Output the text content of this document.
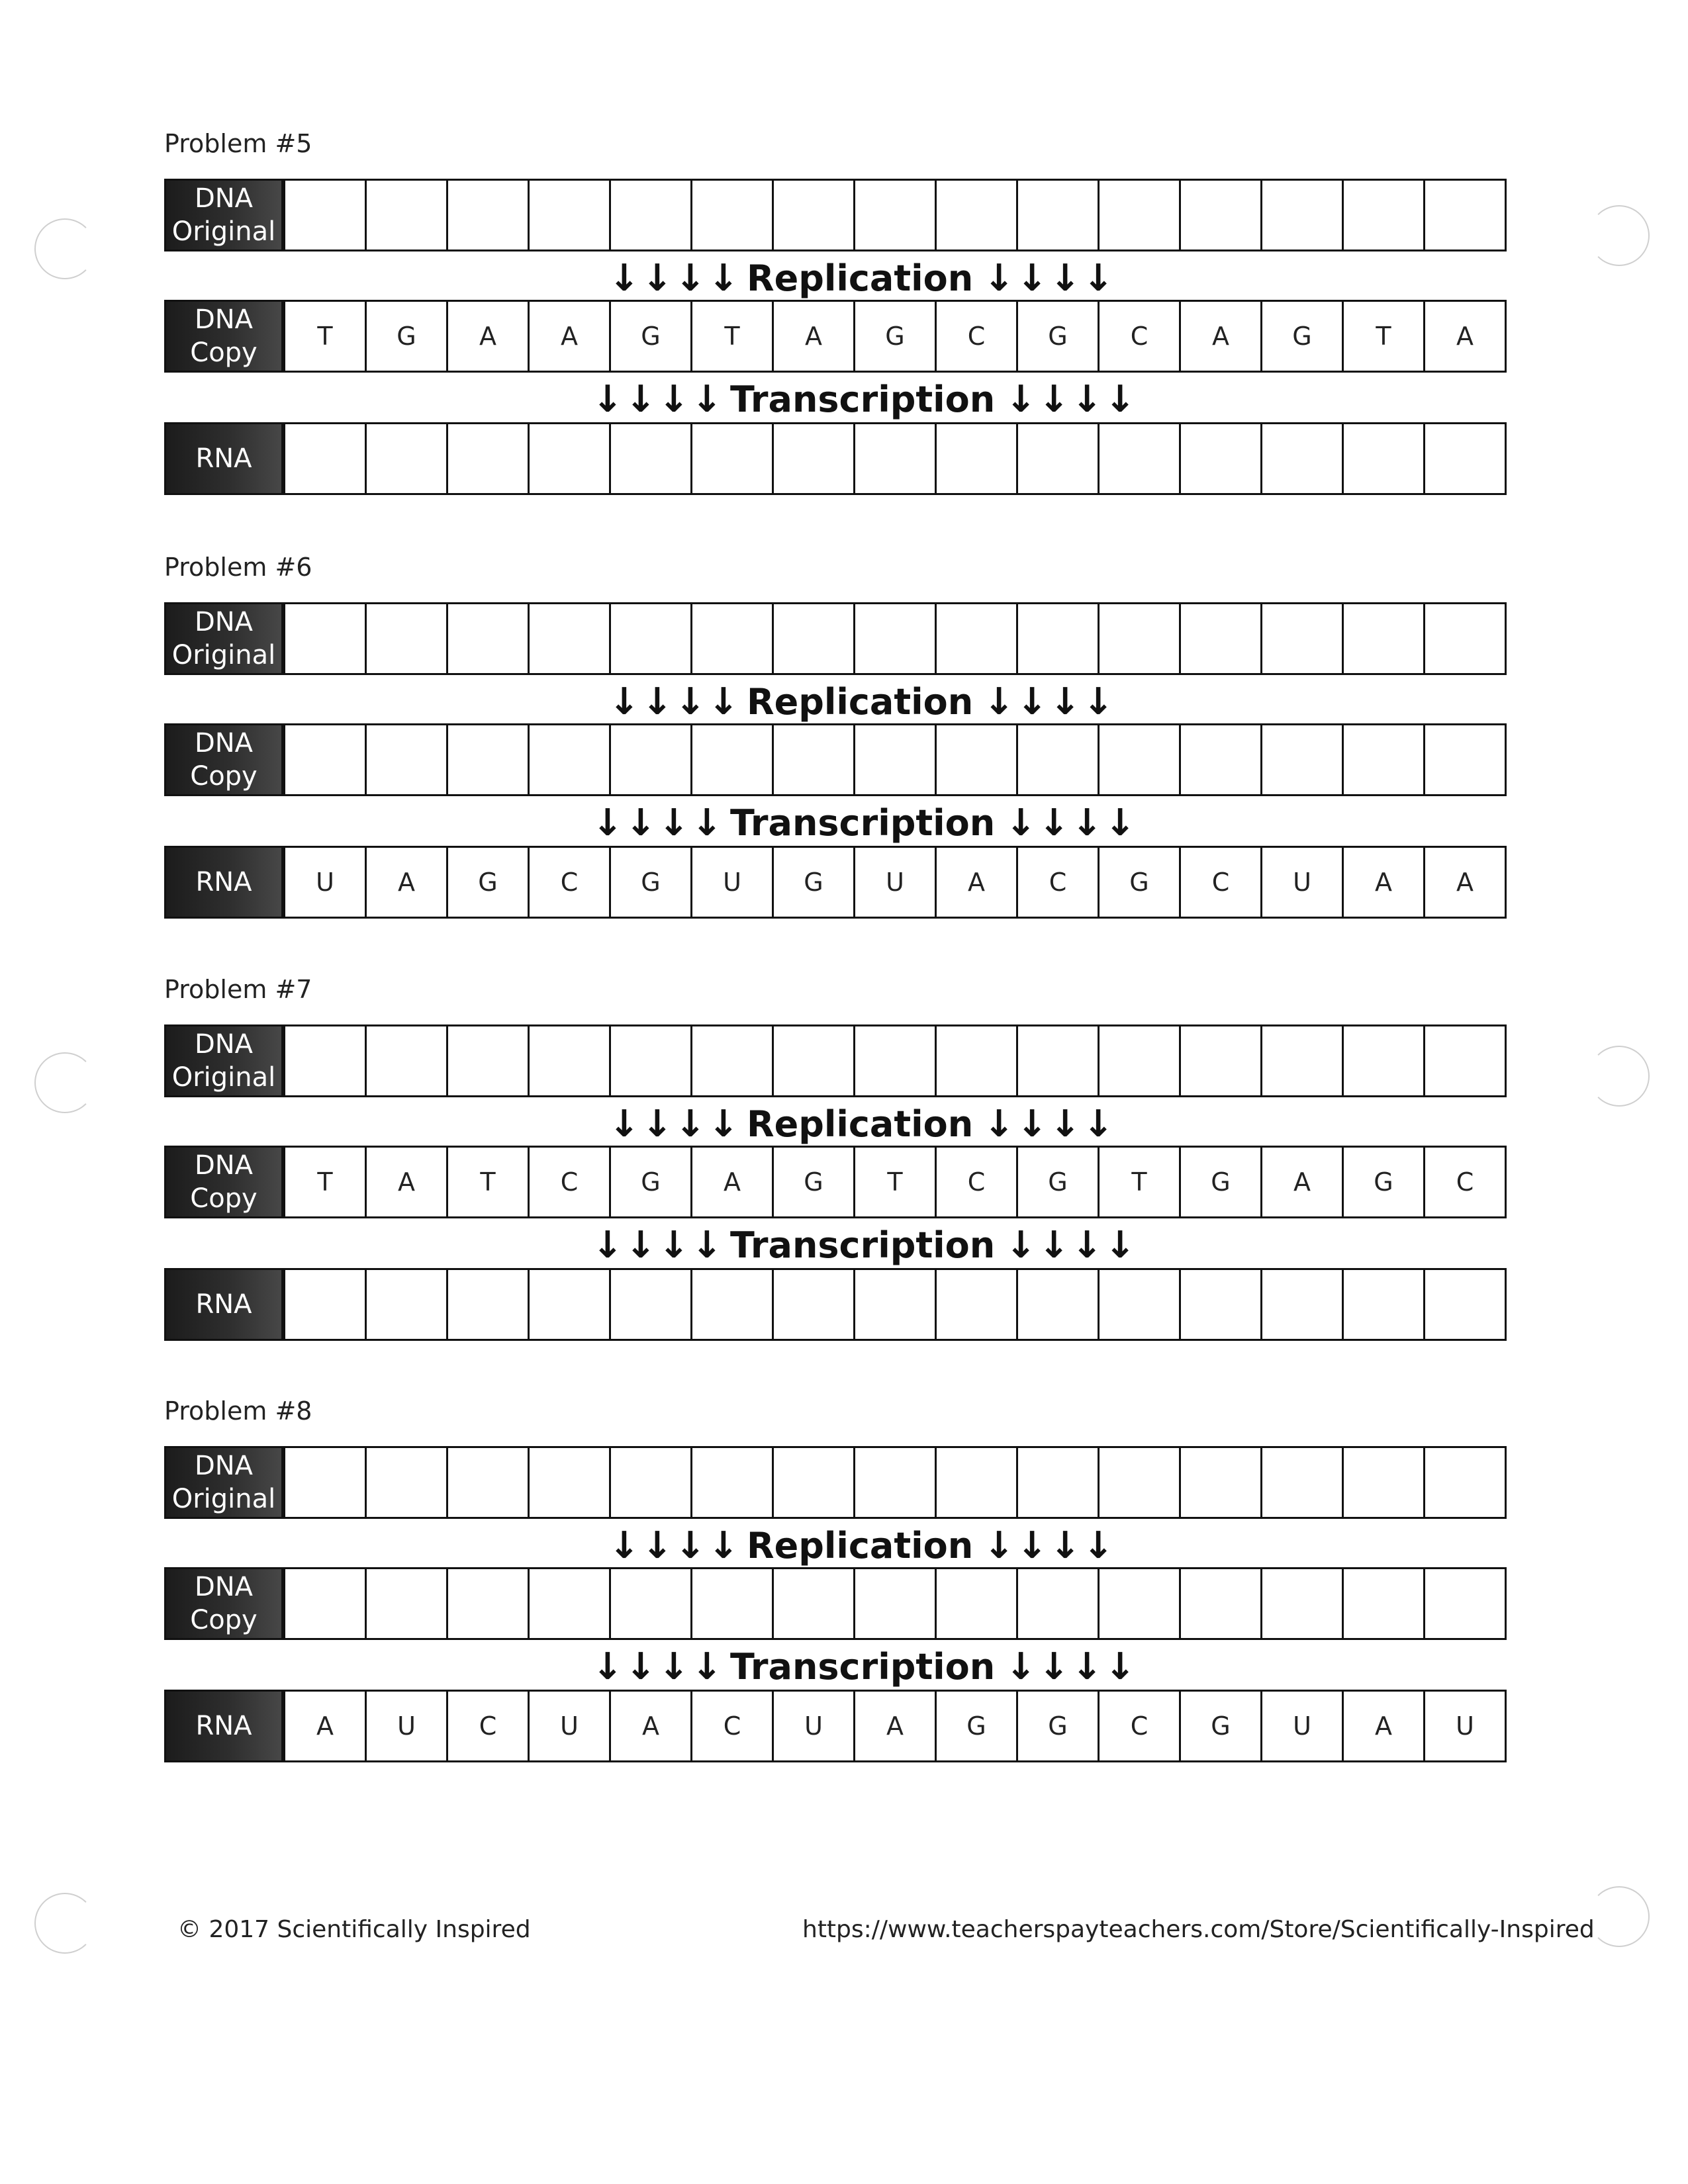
Problem #5
DNA
Original
↓ ↓ ↓ ↓ Replication ↓ ↓ ↓ ↓
DNA
Copy
T	G	A	A	G	T	A	G	C	G	C	A	G	T	A
↓ ↓ ↓ ↓ Transcription ↓ ↓ ↓ ↓
RNA
Problem #6
DNA
Original
↓ ↓ ↓ ↓ Replication ↓ ↓ ↓ ↓
DNA
Copy
↓ ↓ ↓ ↓ Transcription ↓ ↓ ↓ ↓
RNA	U	A	G	C	G	U	G	U	A	C	G	C	U	A	A
Problem #7
DNA
Original
↓ ↓ ↓ ↓ Replication ↓ ↓ ↓ ↓
DNA
Copy
T	A	T	C	G	A	G	T	C	G	T	G	A	G	C
↓ ↓ ↓ ↓ Transcription ↓ ↓ ↓ ↓
RNA
Problem #8
DNA
Original
↓ ↓ ↓ ↓ Replication ↓ ↓ ↓ ↓
DNA
Copy
↓ ↓ ↓ ↓ Transcription ↓ ↓ ↓ ↓
RNA	A	U	C	U	A	C	U	A	G	G	C	G	U	A	U
© 2017 Scientifically Inspired	https://www.teacherspayteachers.com/Store/Scientifically-Inspired
